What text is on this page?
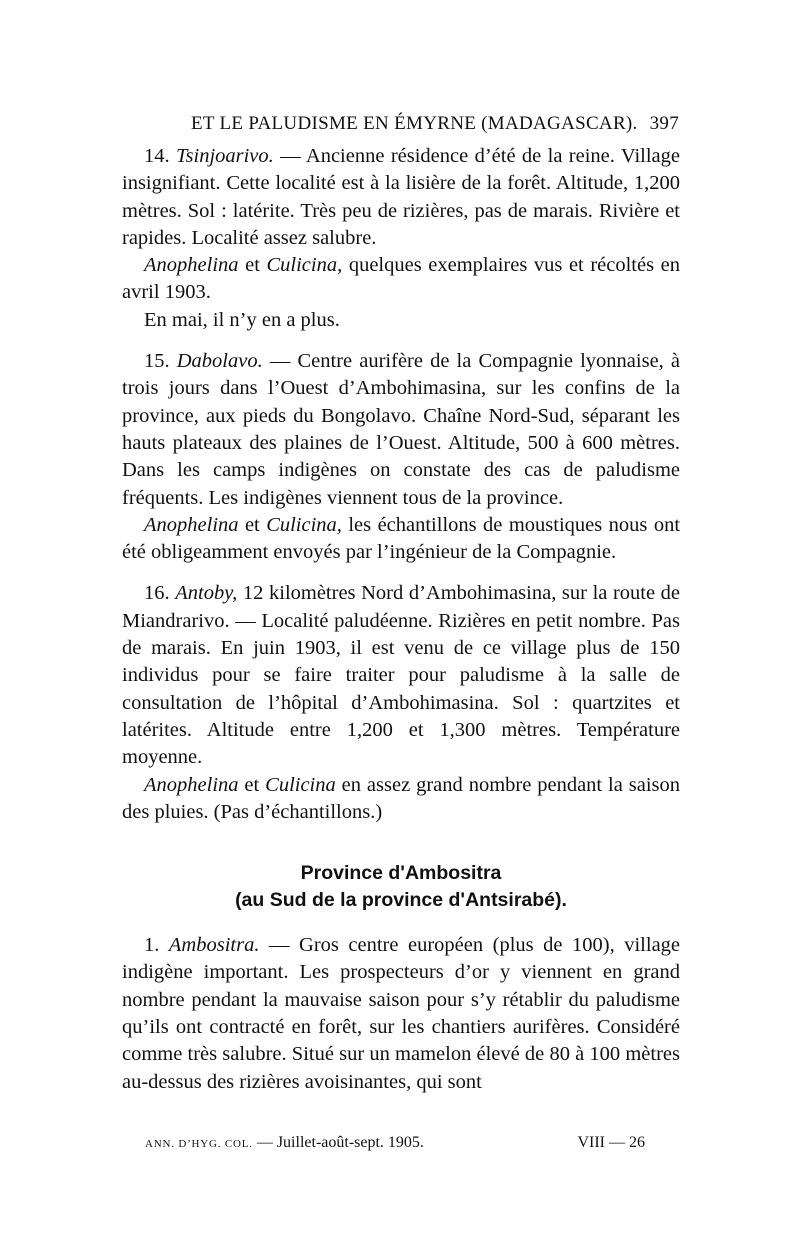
ET LE PALUDISME EN ÉMYRNE (MADAGASCAR). 397

14. Tsinjoarivo. — Ancienne résidence d’été de la reine. Village insignifiant. Cette localité est à la lisière de la forêt. Altitude, 1,200 mètres. Sol : latérite. Très peu de rizières, pas de marais. Rivière et rapides. Localité assez salubre.

Anophelina et Culicina, quelques exemplaires vus et récoltés en avril 1903.

En mai, il n’y en a plus.

15. Dabolavo. — Centre aurifère de la Compagnie lyonnaise, à trois jours dans l’Ouest d’Ambohimasina, sur les confins de la province, aux pieds du Bongolavo. Chaîne Nord-Sud, séparant les hauts plateaux des plaines de l’Ouest. Altitude, 500 à 600 mètres. Dans les camps indigènes on constate des cas de paludisme fréquents. Les indigènes viennent tous de la province.

Anophelina et Culicina, les échantillons de moustiques nous ont été obligeamment envoyés par l’ingénieur de la Compagnie.

16. Antoby, 12 kilomètres Nord d’Ambohimasina, sur la route de Miandrarivo. — Localité paludéenne. Rizières en petit nombre. Pas de marais. En juin 1903, il est venu de ce village plus de 150 individus pour se faire traiter pour paludisme à la salle de consultation de l’hôpital d’Ambohimasina. Sol : quartzites et latérites. Altitude entre 1,200 et 1,300 mètres. Température moyenne.

Anophelina et Culicina en assez grand nombre pendant la saison des pluies. (Pas d’échantillons.)

Province d'Ambositra

(au Sud de la province d'Antsirabé).

1. Ambositra. — Gros centre européen (plus de 100), village indigène important. Les prospecteurs d’or y viennent en grand nombre pendant la mauvaise saison pour s’y rétablir du paludisme qu’ils ont contracté en forêt, sur les chantiers aurifères. Considéré comme très salubre. Situé sur un mamelon élevé de 80 à 100 mètres au-dessus des rizières avoisinantes, qui sont

ANN. D’HYG. COL. — Juillet-août-sept. 1905.	VIII — 26
